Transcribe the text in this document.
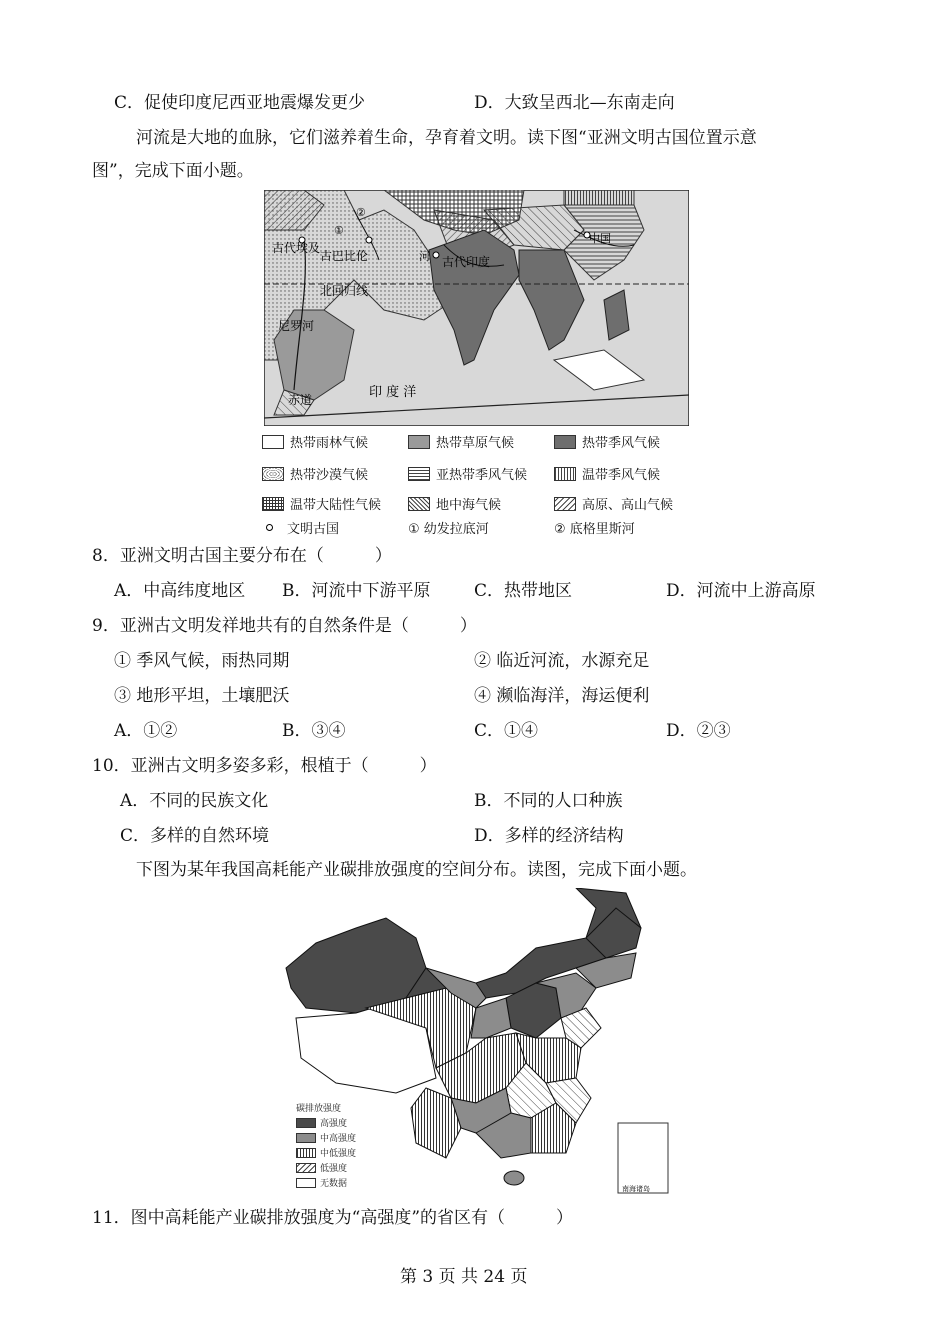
C．促使印度尼西亚地震爆发更少	D．大致呈西北—东南走向
河流是大地的血脉，它们滋养着生命，孕育着文明。读下图“亚洲文明古国位置示意
图”，完成下面小题。
古代埃及
古巴比伦
北回归线
尼罗河
赤道	印 度 洋
古代印度
中国
河
①
②
热带雨林气候	热带草原气候	热带季风气候
热带沙漠气候	亚热带季风气候	温带季风气候
温带大陆性气候	地中海气候	高原、高山气候
文明古国	① 幼发拉底河	② 底格里斯河
8．亚洲文明古国主要分布在（　　　）
A．中高纬度地区 B．河流中下游平原	C．热带地区	D．河流中上游高原
9．亚洲古文明发祥地共有的自然条件是（　　　）
① 季风气候，雨热同期	② 临近河流，水源充足
③ 地形平坦，土壤肥沃	④ 濒临海洋，海运便利
A．①②	B．③④	C．①④	D．②③
10．亚洲古文明多姿多彩，根植于（　　　）
A．不同的民族文化	B．不同的人口种族
C．多样的自然环境	D．多样的经济结构
下图为某年我国高耗能产业碳排放强度的空间分布。读图，完成下面小题。
南海诸岛
碳排放强度
高强度
中高强度
中低强度
低强度
无数据
11．图中高耗能产业碳排放强度为“高强度”的省区有（　　　）
第 3 页 共 24 页
